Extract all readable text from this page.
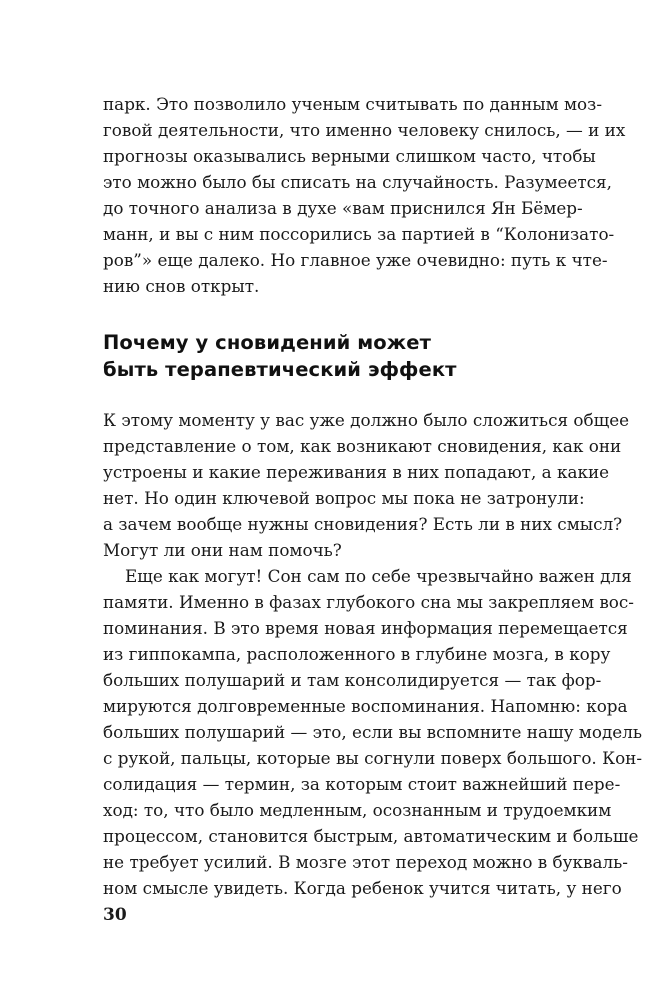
парк. Это позволило ученым считывать по данным моз-
говой деятельности, что именно человеку снилось, — и их
прогнозы оказывались верными слишком часто, чтобы
это можно было бы списать на случайность. Разумеется,
до точного анализа в духе «вам приснился Ян Бёмер-
манн, и вы с ним поссорились за партией в “Колонизато-
ров”» еще далеко. Но главное уже очевидно: путь к чте-
нию снов открыт.
Почему у сновидений может
быть терапевтический эффект
К этому моменту у вас уже должно было сложиться общее
представление о том, как возникают сновидения, как они
устроены и какие переживания в них попадают, а какие
нет. Но один ключевой вопрос мы пока не затронули:
а зачем вообще нужны сновидения? Есть ли в них смысл?
Могут ли они нам помочь?
Еще как могут! Сон сам по себе чрезвычайно важен для
памяти. Именно в фазах глубокого сна мы закрепляем вос-
поминания. В это время новая информация перемещается
из гиппокампа, расположенного в глубине мозга, в кору
больших полушарий и там консолидируется — так фор-
мируются долговременные воспоминания. Напомню: кора
больших полушарий — это, если вы вспомните нашу модель
с рукой, пальцы, которые вы согнули поверх большого. Кон-
солидация — термин, за которым стоит важнейший пере-
ход: то, что было медленным, осознанным и трудоемким
процессом, становится быстрым, автоматическим и больше
не требует усилий. В мозге этот переход можно в букваль-
ном смысле увидеть. Когда ребенок учится читать, у него
30
